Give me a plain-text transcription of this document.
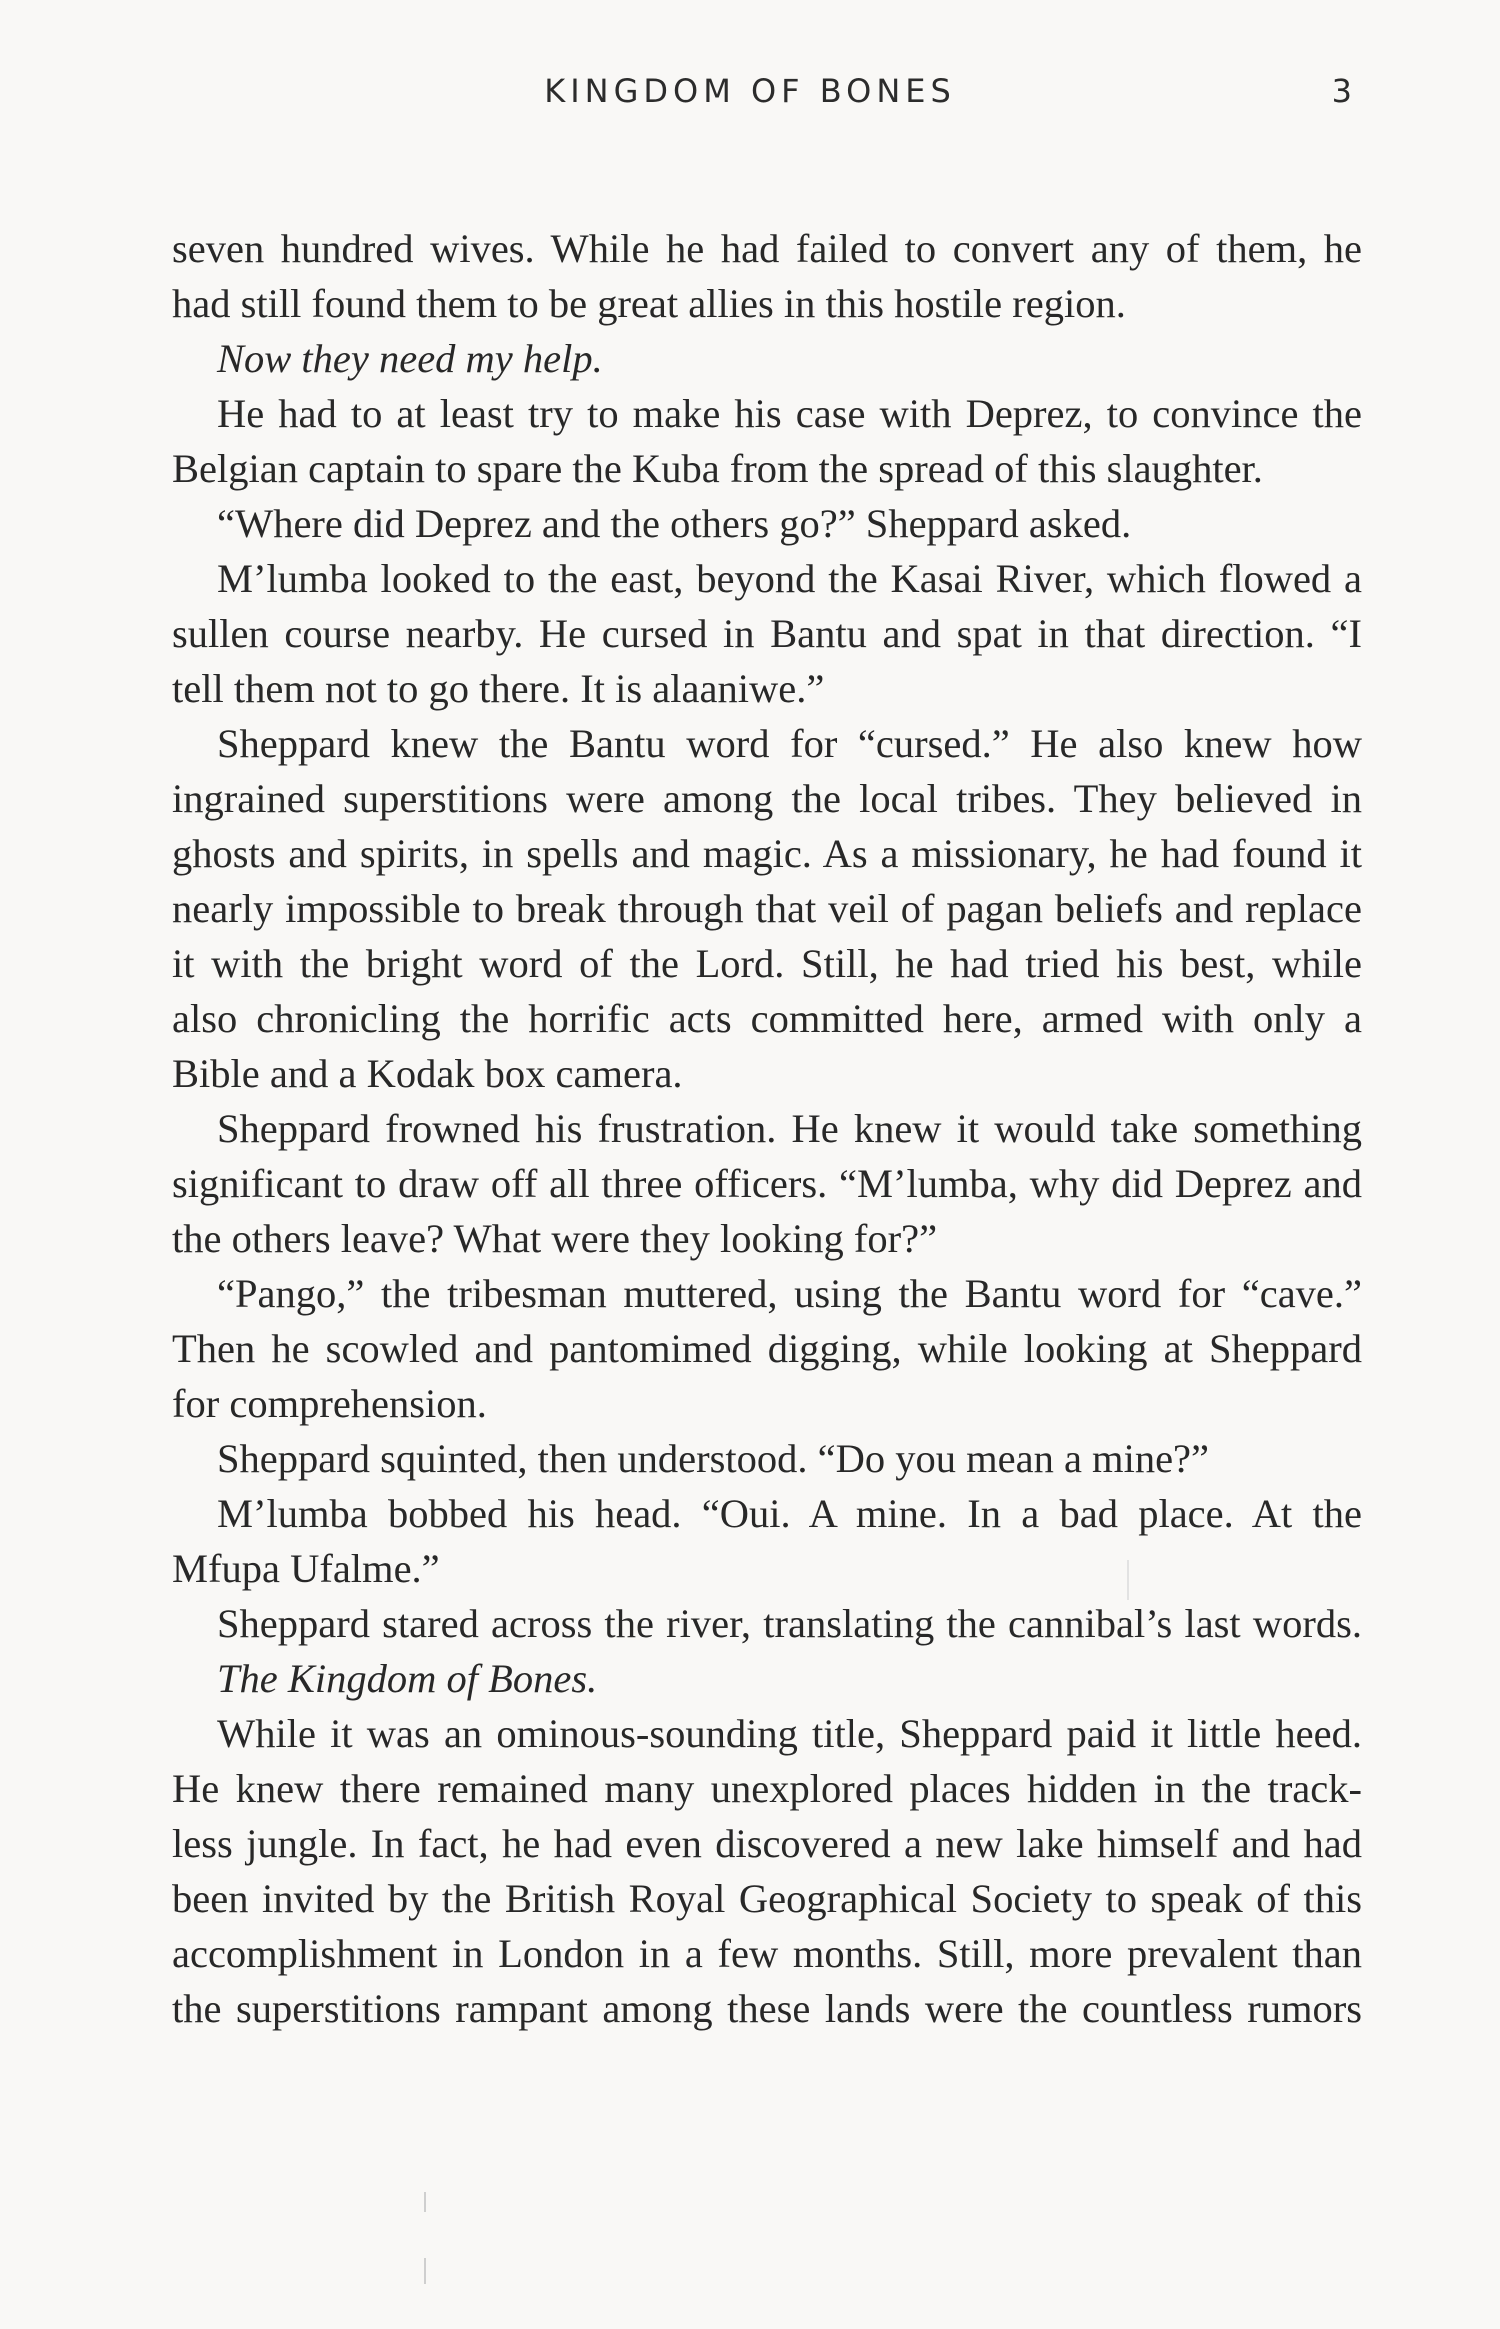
KINGDOM OF BONES	3
seven hundred wives. While he had failed to convert any of them, he
had still found them to be great allies in this hostile region.
Now they need my help.
He had to at least try to make his case with Deprez, to convince the
Belgian captain to spare the Kuba from the spread of this slaughter.
“Where did Deprez and the others go?” Sheppard asked.
M’lumba looked to the east, beyond the Kasai River, which flowed a
sullen course nearby. He cursed in Bantu and spat in that direction. “I
tell them not to go there. It is alaaniwe.”
Sheppard knew the Bantu word for “cursed.” He also knew how
ingrained superstitions were among the local tribes. They believed in
ghosts and spirits, in spells and magic. As a missionary, he had found it
nearly impossible to break through that veil of pagan beliefs and replace
it with the bright word of the Lord. Still, he had tried his best, while
also chronicling the horrific acts committed here, armed with only a
Bible and a Kodak box camera.
Sheppard frowned his frustration. He knew it would take something
significant to draw off all three officers. “M’lumba, why did Deprez and
the others leave? What were they looking for?”
“Pango,” the tribesman muttered, using the Bantu word for “cave.”
Then he scowled and pantomimed digging, while looking at Sheppard
for comprehension.
Sheppard squinted, then understood. “Do you mean a mine?”
M’lumba bobbed his head. “Oui. A mine. In a bad place. At the
Mfupa Ufalme.”
Sheppard stared across the river, translating the cannibal’s last words.
The Kingdom of Bones.
While it was an ominous-sounding title, Sheppard paid it little heed.
He knew there remained many unexplored places hidden in the track-
less jungle. In fact, he had even discovered a new lake himself and had
been invited by the British Royal Geographical Society to speak of this
accomplishment in London in a few months. Still, more prevalent than
the superstitions rampant among these lands were the countless rumors
